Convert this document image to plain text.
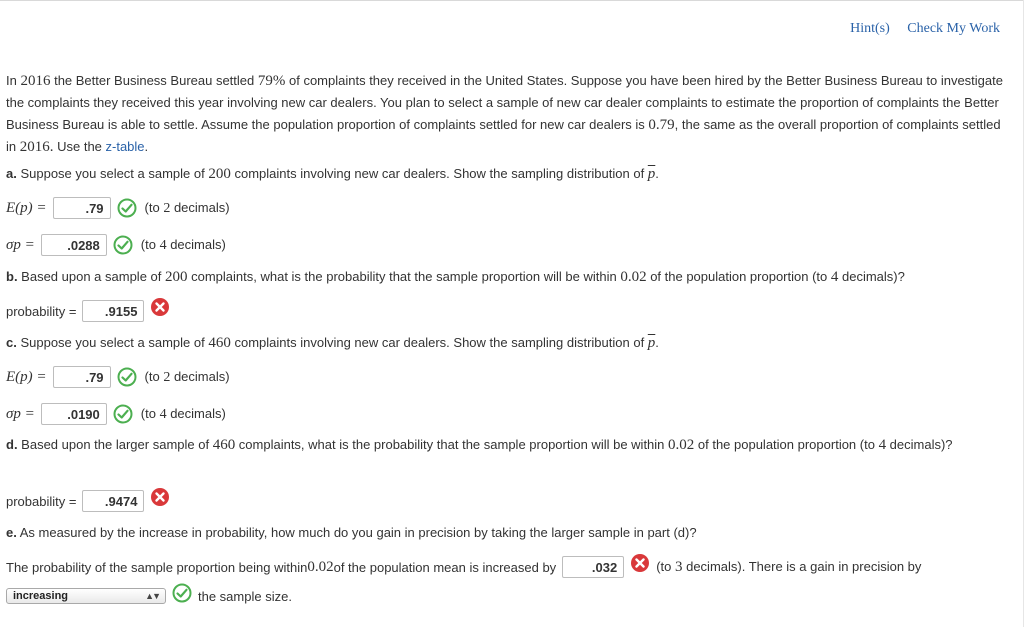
Hint(s) Check My Work

In 2016 the Better Business Bureau settled 79% of complaints they received in the United States. Suppose you have been hired by the Better Business Bureau to investigate the complaints they received this year involving new car dealers. You plan to select a sample of new car dealer complaints to estimate the proportion of complaints the Better Business Bureau is able to settle. Assume the population proportion of complaints settled for new car dealers is 0.79, the same as the overall proportion of complaints settled in 2016. Use the z-table.

a. Suppose you select a sample of 200 complaints involving new car dealers. Show the sampling distribution of $\overline{p}$.
E(p) =	.79	(to 2 decimals)
σp =	.0288	(to 4 decimals)
b. Based upon a sample of 200 complaints, what is the probability that the sample proportion will be within 0.02 of the population proportion (to 4 decimals)?
probability =	.9155
c. Suppose you select a sample of 460 complaints involving new car dealers. Show the sampling distribution of $\overline{p}$.
E(p) =	.79	(to 2 decimals)
σp =	.0190	(to 4 decimals)
d. Based upon the larger sample of 460 complaints, what is the probability that the sample proportion will be within 0.02 of the population proportion (to 4 decimals)?
probability =	.9474
e. As measured by the increase in probability, how much do you gain in precision by taking the larger sample in part (d)?
The probability of the sample proportion being within 0.02 of the population mean is increased by	.032	(to 3 decimals). There is a gain in precision by
increasing	▲▼	the sample size.
